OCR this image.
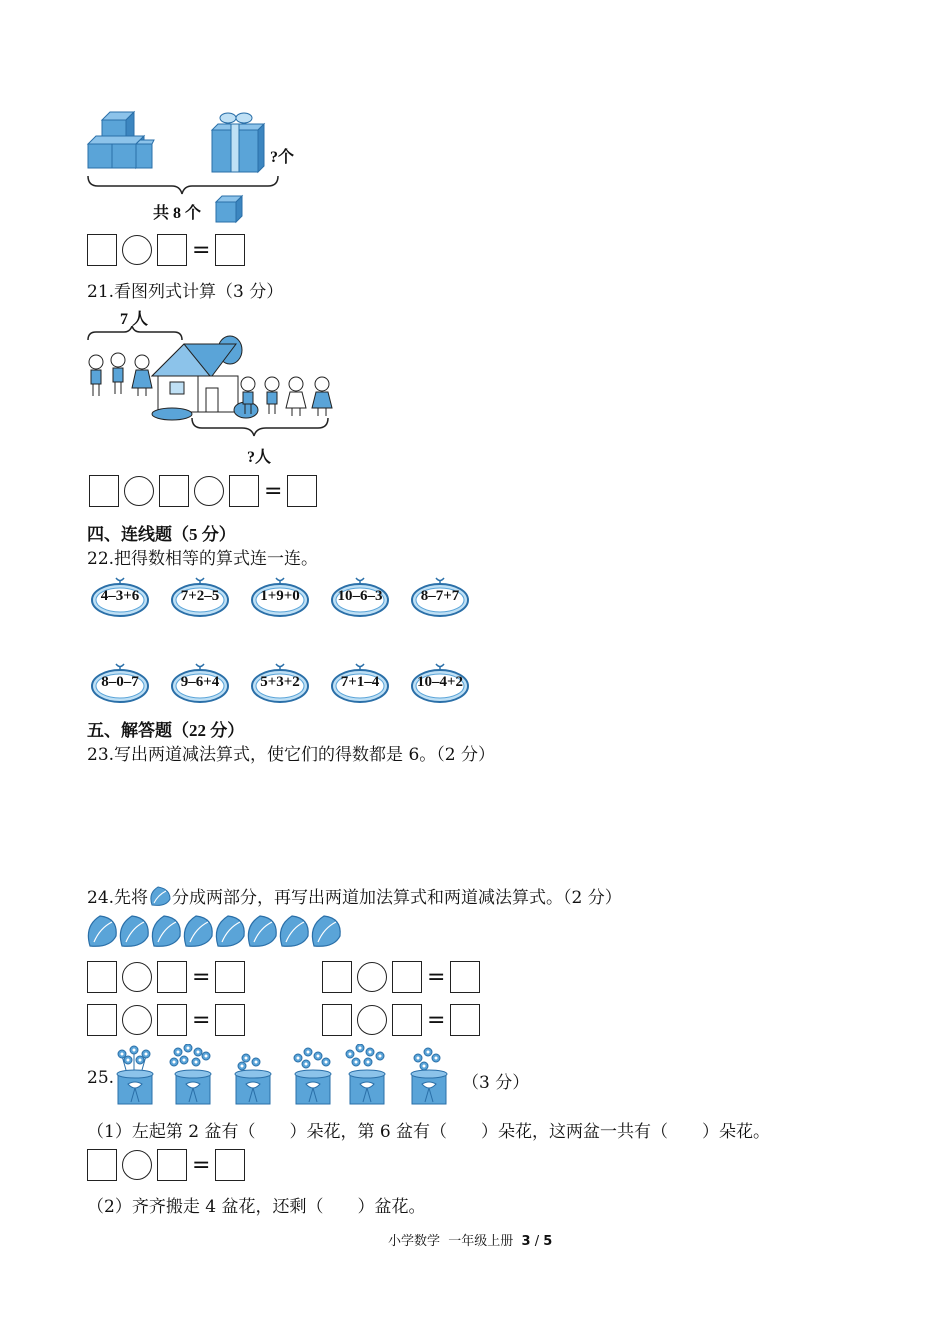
?个
共 8 个
=
21.看图列式计算（3 分）
7 人
?人
=
四、连线题（5 分）
22.把得数相等的算式连一连。
4–3+6	7+2–5	1+9+0	10–6–3	8–7+7
8–0–7	9–6+4	5+3+2	7+1–4	10–4+2
五、解答题（22 分）
23.写出两道减法算式，使它们的得数都是 6。（2 分）
24.先将 分成两部分，再写出两道加法算式和两道减法算式。（2 分）
=	=
=	=
25.	（3 分）
（1）左起第 2 盆有（　　）朵花，第 6 盆有（　　）朵花，这两盆一共有（　　）朵花。
=
（2）齐齐搬走 4 盆花，还剩（　　）盆花。
小学数学  一年级上册  3 / 5
